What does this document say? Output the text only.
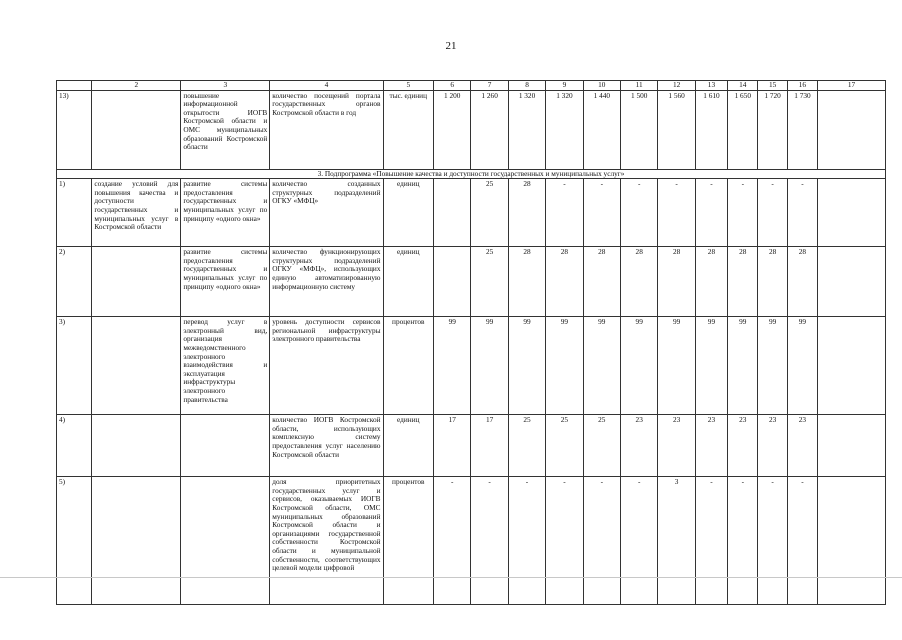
21
	2	3	4	5	6	7	8	9	10	11	12	13	14	15	16	17
13)		повышение информационной открытости ИОГВ Костромской области и ОМС муниципальных образований Костромской области	количество посещений портала государственных органов Костромской области в год	тыс. единиц	1 200	1 260	1 320	1 320	1 440	1 500	1 560	1 610	1 650	1 720	1 730	
3. Подпрограмма «Повышение качества и доступности государственных и муниципальных услуг»																
1)	создание условий для повышения качества и доступности государственных и муниципальных услуг в Костромской области	развитие системы предоставления государственных и муниципальных услуг по принципу «одного окна»	количество созданных структурных подразделений ОГКУ «МФЦ»	единиц		25	28	-	-	-	-	-	-	-	-	
2)		развитие системы предоставления государственных и муниципальных услуг по принципу «одного окна»	количество функционирующих структурных подразделений ОГКУ «МФЦ», использующих единую автоматизированную информационную систему	единиц		25	28	28	28	28	28	28	28	28	28	
3)		перевод услуг в электронный вид, организация межведомственного электронного взаимодействия и эксплуатация инфраструктуры электронного правительства	уровень доступности сервисов региональной инфраструктуры электронного правительства	процентов	99	99	99	99	99	99	99	99	99	99	99	
4)			количество ИОГВ Костромской области, использующих комплексную систему предоставления услуг населению Костромской области	единиц	17	17	25	25	25	23	23	23	23	23	23	
5)			доля приоритетных государственных услуг и сервисов, оказываемых ИОГВ Костромской области, ОМС муниципальных образований Костромской области и организациями государственной собственности Костромской области и муниципальной собственности, соответствующих целевой модели цифровой	процентов	-	-	-	-	-	-	3	-	-	-	-	
